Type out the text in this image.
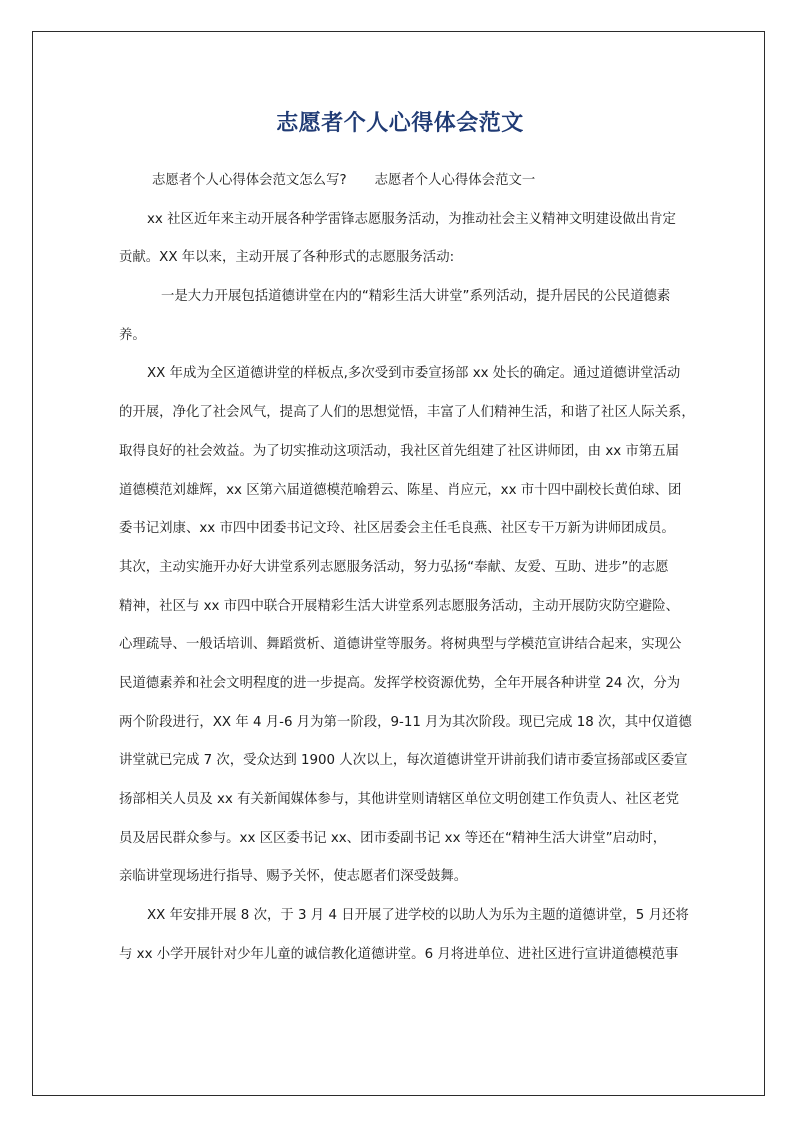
志愿者个人心得体会范文
志愿者个人心得体会范文怎么写? 志愿者个人心得体会范文一
xx 社区近年来主动开展各种学雷锋志愿服务活动，为推动社会主义精神文明建设做出肯定
贡献。XX 年以来，主动开展了各种形式的志愿服务活动:
一是大力开展包括道德讲堂在内的“精彩生活大讲堂”系列活动，提升居民的公民道德素
养。
XX 年成为全区道德讲堂的样板点,多次受到市委宣扬部 xx 处长的确定。通过道德讲堂活动
的开展，净化了社会风气，提高了人们的思想觉悟，丰富了人们精神生活，和谐了社区人际关系，
取得良好的社会效益。为了切实推动这项活动，我社区首先组建了社区讲师团，由 xx 市第五届
道德模范刘雄辉，xx 区第六届道德模范喻碧云、陈星、肖应元，xx 市十四中副校长黄伯球、团
委书记刘康、xx 市四中团委书记文玲、社区居委会主任毛良燕、社区专干万新为讲师团成员。
其次，主动实施开办好大讲堂系列志愿服务活动，努力弘扬“奉献、友爱、互助、进步”的志愿
精神，社区与 xx 市四中联合开展精彩生活大讲堂系列志愿服务活动，主动开展防灾防空避险、
心理疏导、一般话培训、舞蹈赏析、道德讲堂等服务。将树典型与学模范宣讲结合起来，实现公
民道德素养和社会文明程度的进一步提高。发挥学校资源优势，全年开展各种讲堂 24 次，分为
两个阶段进行，XX 年 4 月-6 月为第一阶段，9-11 月为其次阶段。现已完成 18 次，其中仅道德
讲堂就已完成 7 次，受众达到 1900 人次以上，每次道德讲堂开讲前我们请市委宣扬部或区委宣
扬部相关人员及 xx 有关新闻媒体参与，其他讲堂则请辖区单位文明创建工作负责人、社区老党
员及居民群众参与。xx 区区委书记 xx、团市委副书记 xx 等还在“精神生活大讲堂”启动时，
亲临讲堂现场进行指导、赐予关怀，使志愿者们深受鼓舞。
XX 年安排开展 8 次，于 3 月 4 日开展了进学校的以助人为乐为主题的道德讲堂，5 月还将
与 xx 小学开展针对少年儿童的诚信教化道德讲堂。6 月将进单位、进社区进行宣讲道德模范事
